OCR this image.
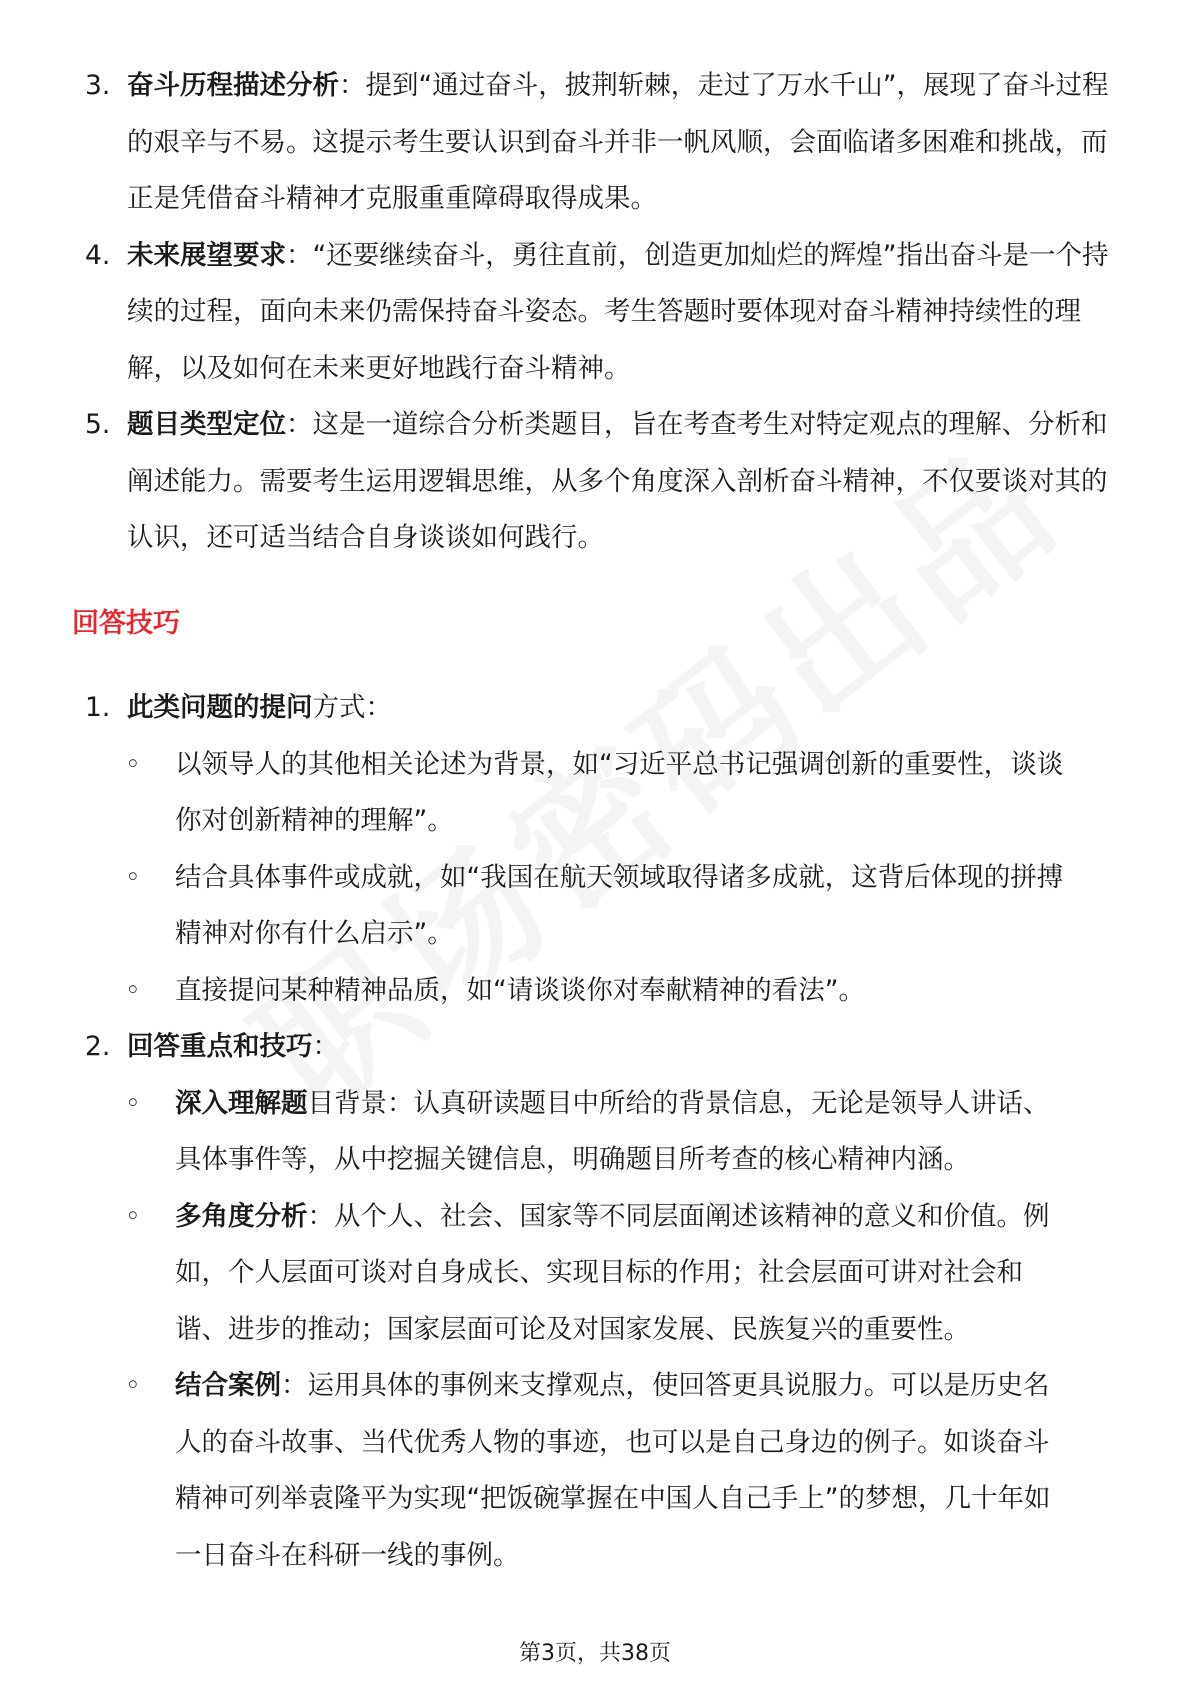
3. 奋斗历程描述分析：提到“通过奋斗，披荆斩棘，走过了万水千山”，展现了奋斗过程的艰辛与不易。这提示考生要认识到奋斗并非一帆风顺，会面临诸多困难和挑战，而正是凭借奋斗精神才克服重重障碍取得成果。
4. 未来展望要求：“还要继续奋斗，勇往直前，创造更加灿烂的辉煌”指出奋斗是一个持续的过程，面向未来仍需保持奋斗姿态。考生答题时要体现对奋斗精神持续性的理解，以及如何在未来更好地践行奋斗精神。
5. 题目类型定位：这是一道综合分析类题目，旨在考查考生对特定观点的理解、分析和阐述能力。需要考生运用逻辑思维，从多个角度深入剖析奋斗精神，不仅要谈对其的认识，还可适当结合自身谈谈如何践行。
回答技巧
1. 此类问题的提问方式：
◦	以领导人的其他相关论述为背景，如“习近平总书记强调创新的重要性，谈谈你对创新精神的理解”。
◦	结合具体事件或成就，如“我国在航天领域取得诸多成就，这背后体现的拼搏精神对你有什么启示”。
◦	直接提问某种精神品质，如“请谈谈你对奉献精神的看法”。
2. 回答重点和技巧：
◦	深入理解题目背景：认真研读题目中所给的背景信息，无论是领导人讲话、具体事件等，从中挖掘关键信息，明确题目所考查的核心精神内涵。
◦	多角度分析：从个人、社会、国家等不同层面阐述该精神的意义和价值。例如，个人层面可谈对自身成长、实现目标的作用；社会层面可讲对社会和谐、进步的推动；国家层面可论及对国家发展、民族复兴的重要性。
◦	结合案例：运用具体的事例来支撑观点，使回答更具说服力。可以是历史名人的奋斗故事、当代优秀人物的事迹，也可以是自己身边的例子。如谈奋斗精神可列举袁隆平为实现“把饭碗掌握在中国人自己手上”的梦想，几十年如一日奋斗在科研一线的事例。
第3页，共38页
